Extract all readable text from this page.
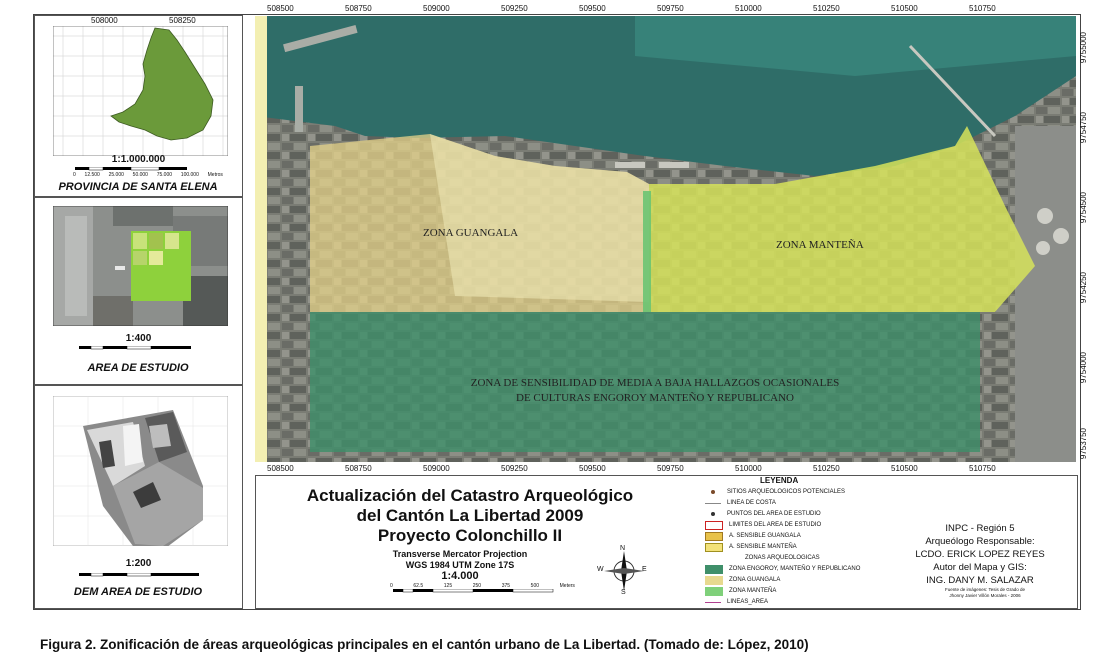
508000	508250
1:1.000.000
0 12.500 25.000 50.000 75.000 100.000 Metros
PROVINCIA DE SANTA ELENA
1:400
AREA DE ESTUDIO
1:200
DEM AREA DE ESTUDIO
508500	508750	509000	509250	509500	509750	510000	510250	510500	510750
ZONA GUANGALA
ZONA MANTEÑA
ZONA DE SENSIBILIDAD DE MEDIA A BAJA HALLAZGOS OCASIONALES
DE CULTURAS ENGOROY MANTEÑO Y REPUBLICANO
9755000
9754750
9754500
9754250
9754000
9753750
508500	508750	509000	509250	509500	509750	510000	510250	510500	510750
Actualización del Catastro Arqueológico
del Cantón La Libertad 2009
Proyecto Colonchillo II
Transverse Mercator Projection
WGS 1984 UTM Zone 17S
1:4.000
0	62.5	125	250	375	500	Meters
N
S
W	E
LEYENDA
SITIOS ARQUEOLOGICOS POTENCIALES
LINEA DE COSTA
PUNTOS DEL AREA DE ESTUDIO
LIMITES DEL AREA DE ESTUDIO
A. SENSIBLE GUANGALA
A. SENSIBLE MANTEÑA
ZONAS ARQUEOLOGICAS
ZONA ENGOROY, MANTEÑO Y REPUBLICANO
ZONA GUANGALA
ZONA MANTEÑA
LINEAS_AREA
INPC - Región 5
Arqueólogo Responsable:
LCDO. ERICK LOPEZ REYES
Autor del Mapa y GIS:
ING. DANY M. SALAZAR
Fuente de imágenes: Tesis de Grado de
Jhonny Javier Villón Morales - 2006
Figura 2. Zonificación de áreas arqueológicas principales en el cantón urbano de La Libertad. (Tomado de: López, 2010)
